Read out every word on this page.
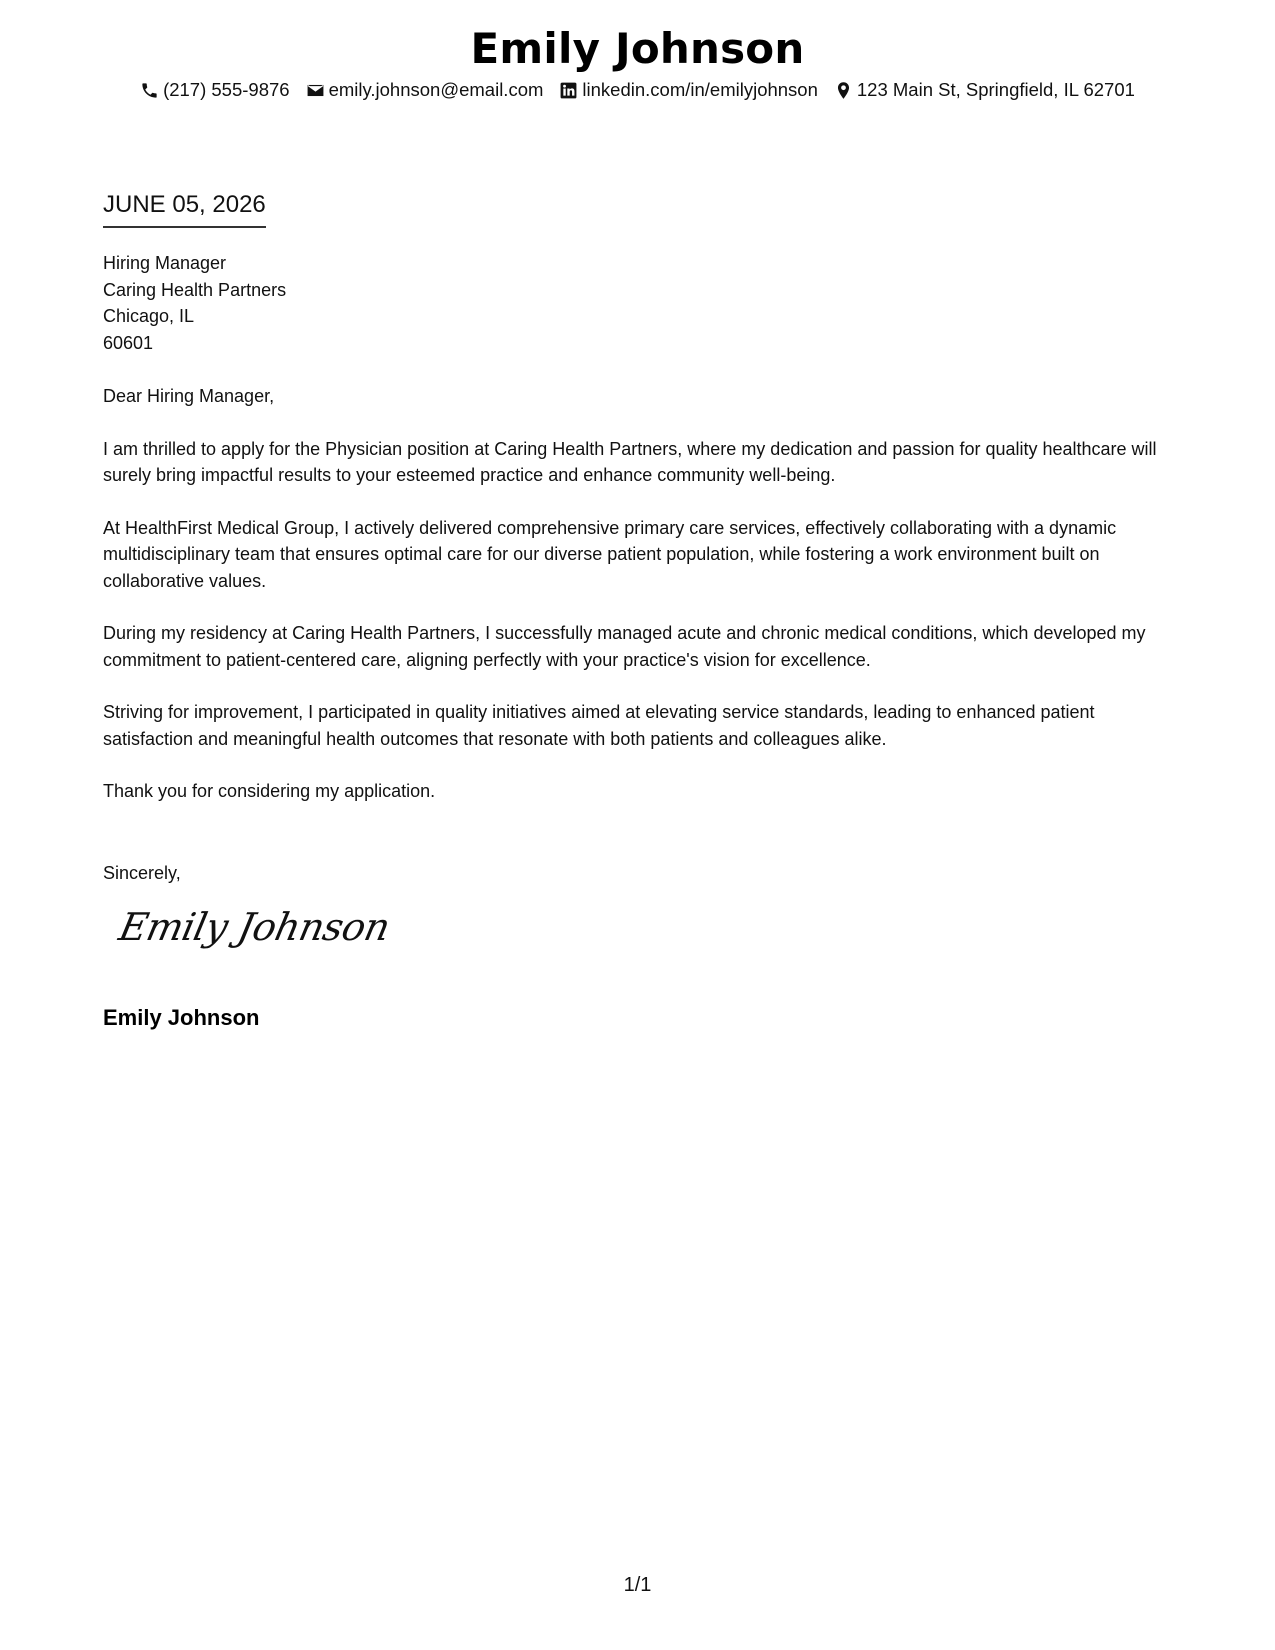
Emily Johnson
(217) 555-9876 emily.johnson@email.com linkedin.com/in/emilyjohnson 123 Main St, Springfield, IL 62701
JUNE 05, 2026
Hiring Manager
Caring Health Partners
Chicago, IL
60601

Dear Hiring Manager,

I am thrilled to apply for the Physician position at Caring Health Partners, where my dedication and passion for quality healthcare will surely bring impactful results to your esteemed practice and enhance community well-being.

At HealthFirst Medical Group, I actively delivered comprehensive primary care services, effectively collaborating with a dynamic multidisciplinary team that ensures optimal care for our diverse patient population, while fostering a work environment built on collaborative values.

During my residency at Caring Health Partners, I successfully managed acute and chronic medical conditions, which developed my commitment to patient-centered care, aligning perfectly with your practice's vision for excellence.

Striving for improvement, I participated in quality initiatives aimed at elevating service standards, leading to enhanced patient satisfaction and meaningful health outcomes that resonate with both patients and colleagues alike.

Thank you for considering my application.

Sincerely,
Emily Johnson
Emily Johnson
1/1
